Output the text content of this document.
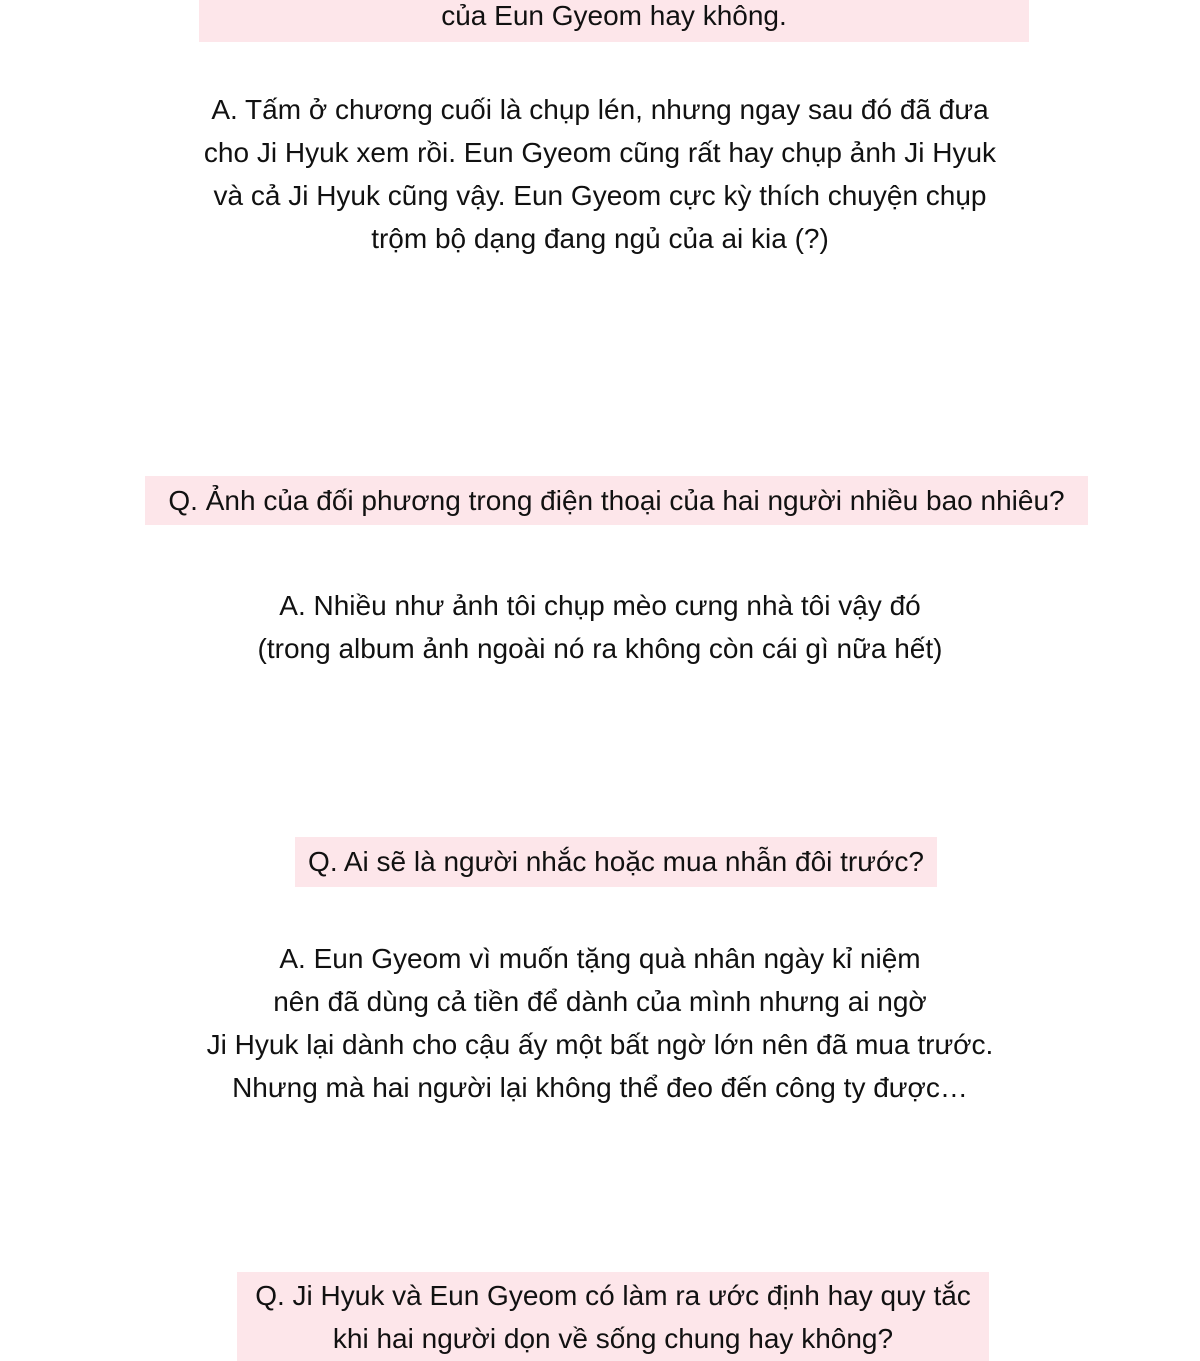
của Eun Gyeom hay không.
A. Tấm ở chương cuối là chụp lén, nhưng ngay sau đó đã đưa
cho Ji Hyuk xem rồi. Eun Gyeom cũng rất hay chụp ảnh Ji Hyuk
và cả Ji Hyuk cũng vậy. Eun Gyeom cực kỳ thích chuyện chụp
trộm bộ dạng đang ngủ của ai kia (?)
Q. Ảnh của đối phương trong điện thoại của hai người nhiều bao nhiêu?
A. Nhiều như ảnh tôi chụp mèo cưng nhà tôi vậy đó
(trong album ảnh ngoài nó ra không còn cái gì nữa hết)
Q. Ai sẽ là người nhắc hoặc mua nhẫn đôi trước?
A. Eun Gyeom vì muốn tặng quà nhân ngày kỉ niệm
nên đã dùng cả tiền để dành của mình nhưng ai ngờ
Ji Hyuk lại dành cho cậu ấy một bất ngờ lớn nên đã mua trước.
Nhưng mà hai người lại không thể đeo đến công ty được…
Q. Ji Hyuk và Eun Gyeom có làm ra ước định hay quy tắc
khi hai người dọn về sống chung hay không?
